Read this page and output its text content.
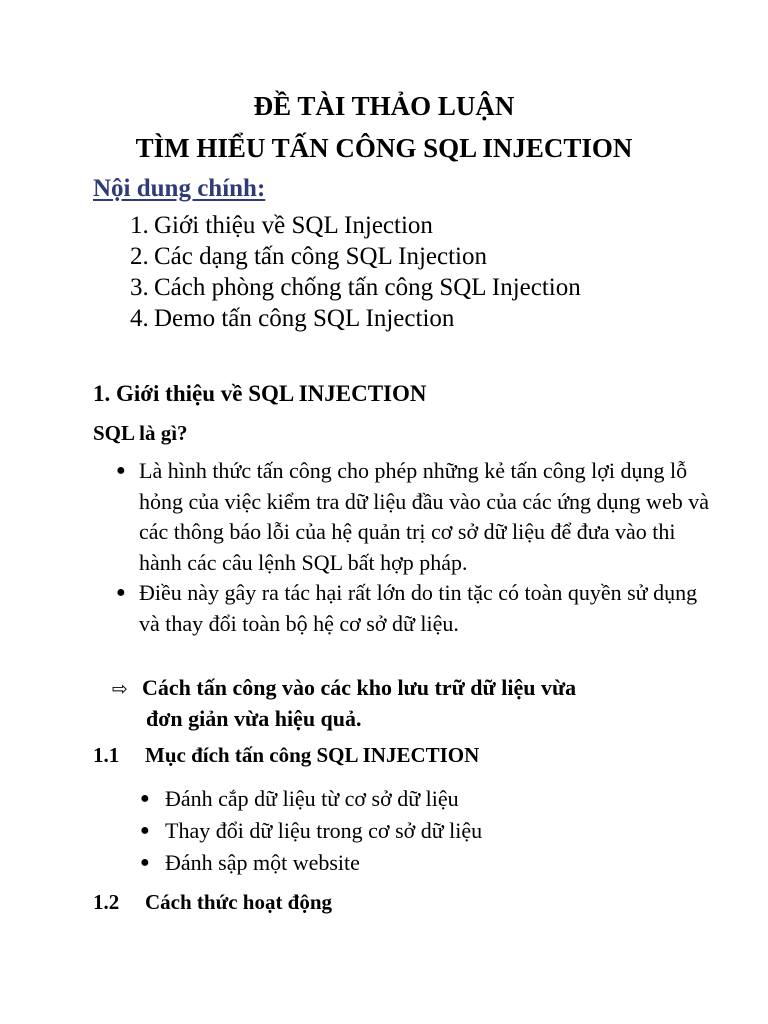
ĐỀ TÀI THẢO LUẬN
TÌM HIỂU TẤN CÔNG SQL INJECTION
Nội dung chính:
1. Giới thiệu về SQL Injection
2. Các dạng tấn công SQL Injection
3. Cách phòng chống tấn công SQL Injection
4. Demo tấn công SQL Injection
1. Giới thiệu về SQL INJECTION
SQL là gì?
● Là hình thức tấn công cho phép những kẻ tấn công lợi dụng lỗ hỏng của việc kiểm tra dữ liệu đầu vào của các ứng dụng web và các thông báo lỗi của hệ quản trị cơ sở dữ liệu để đưa vào thi hành các câu lệnh SQL bất hợp pháp.
● Điều này gây ra tác hại rất lớn do tin tặc có toàn quyền sử dụng và thay đổi toàn bộ hệ cơ sở dữ liệu.
⇨ Cách tấn công vào các kho lưu trữ dữ liệu vừa
đơn giản vừa hiệu quả.
1.1 Mục đích tấn công SQL INJECTION
● Đánh cắp dữ liệu từ cơ sở dữ liệu
● Thay đổi dữ liệu trong cơ sở dữ liệu
● Đánh sập một website
1.2 Cách thức hoạt động
